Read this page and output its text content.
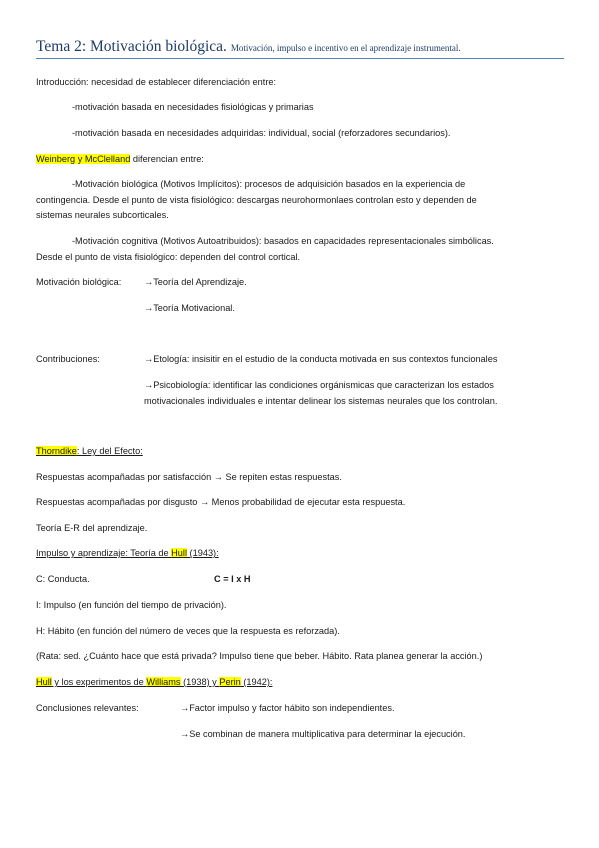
Tema 2: Motivación biológica. Motivación, impulso e incentivo en el aprendizaje instrumental.
Introducción: necesidad de establecer diferenciación entre:
-motivación basada en necesidades fisiológicas y primarias
-motivación basada en necesidades adquiridas: individual, social (reforzadores secundarios).
Weinberg y McClelland diferencian entre:
-Motivación biológica (Motivos Implícitos): procesos de adquisición basados en la experiencia de
contingencia. Desde el punto de vista fisiológico: descargas neurohormonlaes controlan esto y dependen de
sistemas neurales subcorticales.
-Motivación cognitiva (Motivos Autoatribuidos): basados en capacidades representacionales simbólicas.
Desde el punto de vista fisiológico: dependen del control cortical.
Motivación biológica: →Teoría del Aprendizaje.
→Teoría Motivacional.
Contribuciones:	→Etología: insisitir en el estudio de la conducta motivada en sus contextos funcionales
→Psicobiología: identificar las condiciones orgánismicas que caracterizan los estados
motivacionales individuales e intentar delinear los sistemas neurales que los controlan.
Thorndike: Ley del Efecto:
Respuestas acompañadas por satisfacción → Se repiten estas respuestas.
Respuestas acompañadas por disgusto → Menos probabilidad de ejecutar esta respuesta.
Teoría E-R del aprendizaje.
Impulso y aprendizaje: Teoría de Hull (1943):
C: Conducta.	C = I x H
I: Impulso (en función del tiempo de privación).
H: Hábito (en función del número de veces que la respuesta es reforzada).
(Rata: sed. ¿Cuánto hace que está privada? Impulso tiene que beber. Hábito. Rata planea generar la acción.)
Hull y los experimentos de Williams (1938) y Perin (1942):
Conclusiones relevantes:	→Factor impulso y factor hábito son independientes.
→Se combinan de manera multiplicativa para determinar la ejecución.
